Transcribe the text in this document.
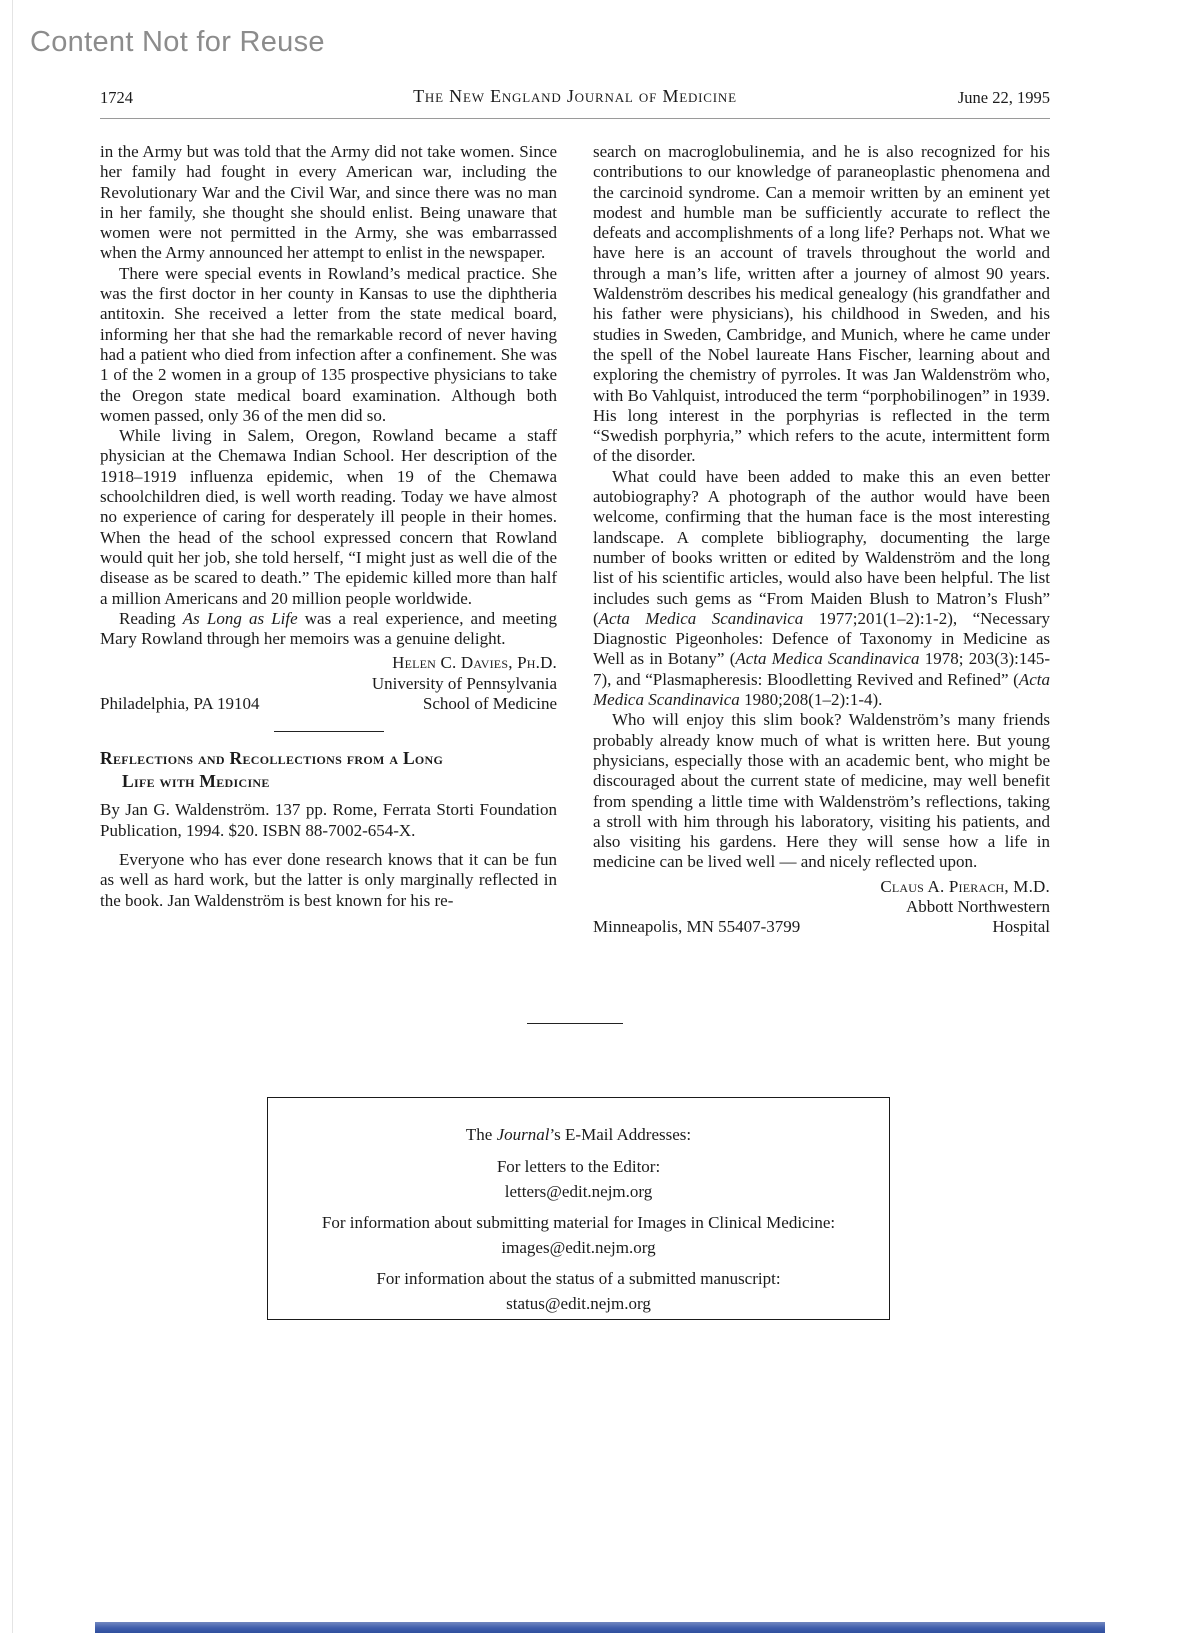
Content Not for Reuse
1724	The New England Journal of Medicine	June 22, 1995

in the Army but was told that the Army did not take women. Since her family had fought in every American war, including the Revolutionary War and the Civil War, and since there was no man in her family, she thought she should enlist. Being unaware that women were not permitted in the Army, she was embarrassed when the Army announced her attempt to enlist in the newspaper.

There were special events in Rowland’s medical practice. She was the first doctor in her county in Kansas to use the diphtheria antitoxin. She received a letter from the state medical board, informing her that she had the remarkable record of never having had a patient who died from infection after a confinement. She was 1 of the 2 women in a group of 135 prospective physicians to take the Oregon state medical board examination. Although both women passed, only 36 of the men did so.

While living in Salem, Oregon, Rowland became a staff physician at the Chemawa Indian School. Her description of the 1918–1919 influenza epidemic, when 19 of the Chemawa schoolchildren died, is well worth reading. Today we have almost no experience of caring for desperately ill people in their homes. When the head of the school expressed concern that Rowland would quit her job, she told herself, “I might just as well die of the disease as be scared to death.” The epidemic killed more than half a million Americans and 20 million people worldwide.

Reading As Long as Life was a real experience, and meeting Mary Rowland through her memoirs was a genuine delight.

Helen C. Davies, Ph.D.
University of Pennsylvania
Philadelphia, PA 19104	School of Medicine
Reflections and Recollections from a Long
Life with Medicine
By Jan G. Waldenström. 137 pp. Rome, Ferrata Storti Foundation Publication, 1994. $20. ISBN 88-7002-654-X.

Everyone who has ever done research knows that it can be fun as well as hard work, but the latter is only marginally reflected in the book. Jan Waldenström is best known for his re-

search on macroglobulinemia, and he is also recognized for his contributions to our knowledge of paraneoplastic phenomena and the carcinoid syndrome. Can a memoir written by an eminent yet modest and humble man be sufficiently accurate to reflect the defeats and accomplishments of a long life? Perhaps not. What we have here is an account of travels throughout the world and through a man’s life, written after a journey of almost 90 years. Waldenström describes his medical genealogy (his grandfather and his father were physicians), his childhood in Sweden, and his studies in Sweden, Cambridge, and Munich, where he came under the spell of the Nobel laureate Hans Fischer, learning about and exploring the chemistry of pyrroles. It was Jan Waldenström who, with Bo Vahlquist, introduced the term “porphobilinogen” in 1939. His long interest in the porphyrias is reflected in the term “Swedish porphyria,” which refers to the acute, intermittent form of the disorder.

What could have been added to make this an even better autobiography? A photograph of the author would have been welcome, confirming that the human face is the most interesting landscape. A complete bibliography, documenting the large number of books written or edited by Waldenström and the long list of his scientific articles, would also have been helpful. The list includes such gems as “From Maiden Blush to Matron’s Flush” (Acta Medica Scandinavica 1977;201(1–2):1-2), “Necessary Diagnostic Pigeonholes: Defence of Taxonomy in Medicine as Well as in Botany” (Acta Medica Scandinavica 1978; 203(3):145-7), and “Plasmapheresis: Bloodletting Revived and Refined” (Acta Medica Scandinavica 1980;208(1–2):1-4).

Who will enjoy this slim book? Waldenström’s many friends probably already know much of what is written here. But young physicians, especially those with an academic bent, who might be discouraged about the current state of medicine, may well benefit from spending a little time with Waldenström’s reflections, taking a stroll with him through his laboratory, visiting his patients, and also visiting his gardens. Here they will sense how a life in medicine can be lived well — and nicely reflected upon.

Claus A. Pierach, M.D.
Abbott Northwestern
Minneapolis, MN 55407-3799	Hospital
The Journal’s E-Mail Addresses:
For letters to the Editor:
letters@edit.nejm.org
For information about submitting material for Images in Clinical Medicine:
images@edit.nejm.org
For information about the status of a submitted manuscript:
status@edit.nejm.org
